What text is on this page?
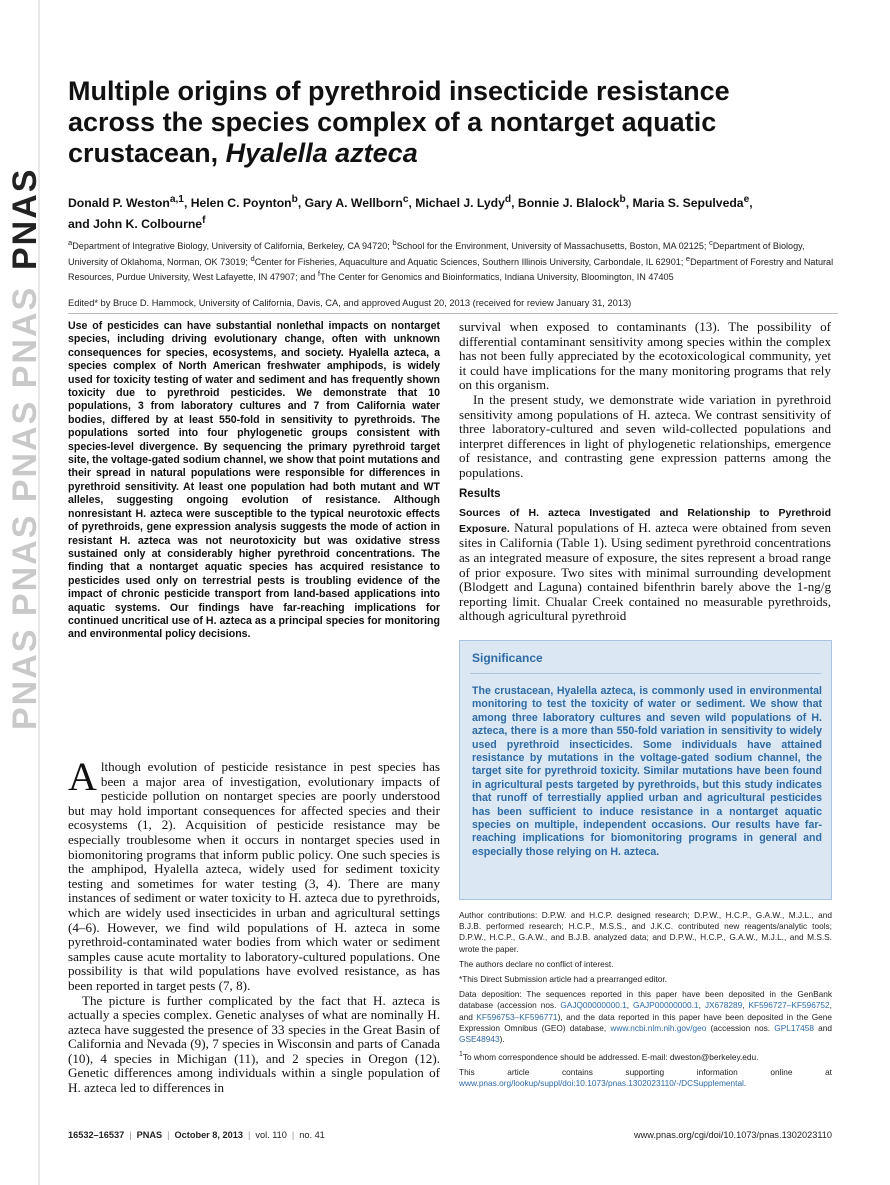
PNAS PNAS PNAS PNAS
PNAS
Multiple origins of pyrethroid insecticide resistance
across the species complex of a nontarget aquatic
crustacean, Hyalella azteca
Donald P. Weston$^{a,1}$, Helen C. Poynton$^b$, Gary A. Wellborn$^c$, Michael J. Lydy$^d$, Bonnie J. Blalock$^b$, Maria S. Sepulveda$^e$,
and John K. Colbourne$^f$
$^a$Department of Integrative Biology, University of California, Berkeley, CA 94720; $^b$School for the Environment, University of Massachusetts, Boston, MA 02125; $^c$Department of Biology, University of Oklahoma, Norman, OK 73019; $^d$Center for Fisheries, Aquaculture and Aquatic Sciences, Southern Illinois University, Carbondale, IL 62901; $^e$Department of Forestry and Natural Resources, Purdue University, West Lafayette, IN 47907; and $^f$The Center for Genomics and Bioinformatics, Indiana University, Bloomington, IN 47405
Edited* by Bruce D. Hammock, University of California, Davis, CA, and approved August 20, 2013 (received for review January 31, 2013)
Use of pesticides can have substantial nonlethal impacts on nontarget species, including driving evolutionary change, often with unknown consequences for species, ecosystems, and society. Hyalella azteca, a species complex of North American freshwater amphipods, is widely used for toxicity testing of water and sediment and has frequently shown toxicity due to pyrethroid pesticides. We demonstrate that 10 populations, 3 from laboratory cultures and 7 from California water bodies, differed by at least 550-fold in sensitivity to pyrethroids. The populations sorted into four phylogenetic groups consistent with species-level divergence. By sequencing the primary pyrethroid target site, the voltage-gated sodium channel, we show that point mutations and their spread in natural populations were responsible for differences in pyrethroid sensitivity. At least one population had both mutant and WT alleles, suggesting ongoing evolution of resistance. Although nonresistant H. azteca were susceptible to the typical neurotoxic effects of pyrethroids, gene expression analysis suggests the mode of action in resistant H. azteca was not neurotoxicity but was oxidative stress sustained only at considerably higher pyrethroid concentrations. The finding that a nontarget aquatic species has acquired resistance to pesticides used only on terrestrial pests is troubling evidence of the impact of chronic pesticide transport from land-based applications into aquatic systems. Our findings have far-reaching implications for continued uncritical use of H. azteca as a principal species for monitoring and environmental policy decisions.

Although evolution of pesticide resistance in pest species has been a major area of investigation, evolutionary impacts of pesticide pollution on nontarget species are poorly understood but may hold important consequences for affected species and their ecosystems (1, 2). Acquisition of pesticide resistance may be especially troublesome when it occurs in nontarget species used in biomonitoring programs that inform public policy. One such species is the amphipod, Hyalella azteca, widely used for sediment toxicity testing and sometimes for water testing (3, 4). There are many instances of sediment or water toxicity to H. azteca due to pyrethroids, which are widely used insecticides in urban and agricultural settings (4–6). However, we find wild populations of H. azteca in some pyrethroid-contaminated water bodies from which water or sediment samples cause acute mortality to laboratory-cultured populations. One possibility is that wild populations have evolved resistance, as has been reported in target pests (7, 8).

The picture is further complicated by the fact that H. azteca is actually a species complex. Genetic analyses of what are nominally H. azteca have suggested the presence of 33 species in the Great Basin of California and Nevada (9), 7 species in Wisconsin and parts of Canada (10), 4 species in Michigan (11), and 2 species in Oregon (12). Genetic differences among individuals within a single population of H. azteca led to differences in

survival when exposed to contaminants (13). The possibility of differential contaminant sensitivity among species within the complex has not been fully appreciated by the ecotoxicological community, yet it could have implications for the many monitoring programs that rely on this organism.

In the present study, we demonstrate wide variation in pyrethroid sensitivity among populations of H. azteca. We contrast sensitivity of three laboratory-cultured and seven wild-collected populations and interpret differences in light of phylogenetic relationships, emergence of resistance, and contrasting gene expression patterns among the populations.

Results

Sources of H. azteca Investigated and Relationship to Pyrethroid Exposure. Natural populations of H. azteca were obtained from seven sites in California (Table 1). Using sediment pyrethroid concentrations as an integrated measure of exposure, the sites represent a broad range of prior exposure. Two sites with minimal surrounding development (Blodgett and Laguna) contained bifenthrin barely above the 1-ng/g reporting limit. Chualar Creek contained no measurable pyrethroids, although agricultural pyrethroid

Significance
The crustacean, Hyalella azteca, is commonly used in environmental monitoring to test the toxicity of water or sediment. We show that among three laboratory cultures and seven wild populations of H. azteca, there is a more than 550-fold variation in sensitivity to widely used pyrethroid insecticides. Some individuals have attained resistance by mutations in the voltage-gated sodium channel, the target site for pyrethroid toxicity. Similar mutations have been found in agricultural pests targeted by pyrethroids, but this study indicates that runoff of terrestially applied urban and agricultural pesticides has been sufficient to induce resistance in a nontarget aquatic species on multiple, independent occasions. Our results have far-reaching implications for biomonitoring programs in general and especially those relying on H. azteca.

Author contributions: D.P.W. and H.C.P. designed research; D.P.W., H.C.P., G.A.W., M.J.L., and B.J.B. performed research; H.C.P., M.S.S., and J.K.C. contributed new reagents/analytic tools; D.P.W., H.C.P., G.A.W., and B.J.B. analyzed data; and D.P.W., H.C.P., G.A.W., M.J.L., and M.S.S. wrote the paper.

The authors declare no conflict of interest.

*This Direct Submission article had a prearranged editor.

Data deposition: The sequences reported in this paper have been deposited in the GenBank database (accession nos. GAJQ00000000.1, GAJP00000000.1, JX678289, KF596727–KF596752, and KF596753–KF596771), and the data reported in this paper have been deposited in the Gene Expression Omnibus (GEO) database, www.ncbi.nlm.nih.gov/geo (accession nos. GPL17458 and GSE48943).

$^1$To whom correspondence should be addressed. E-mail: dweston@berkeley.edu.

This article contains supporting information online at www.pnas.org/lookup/suppl/doi:10.1073/pnas.1302023110/-/DCSupplemental.

16532–16537 | PNAS | October 8, 2013 | vol. 110 | no. 41	www.pnas.org/cgi/doi/10.1073/pnas.1302023110
